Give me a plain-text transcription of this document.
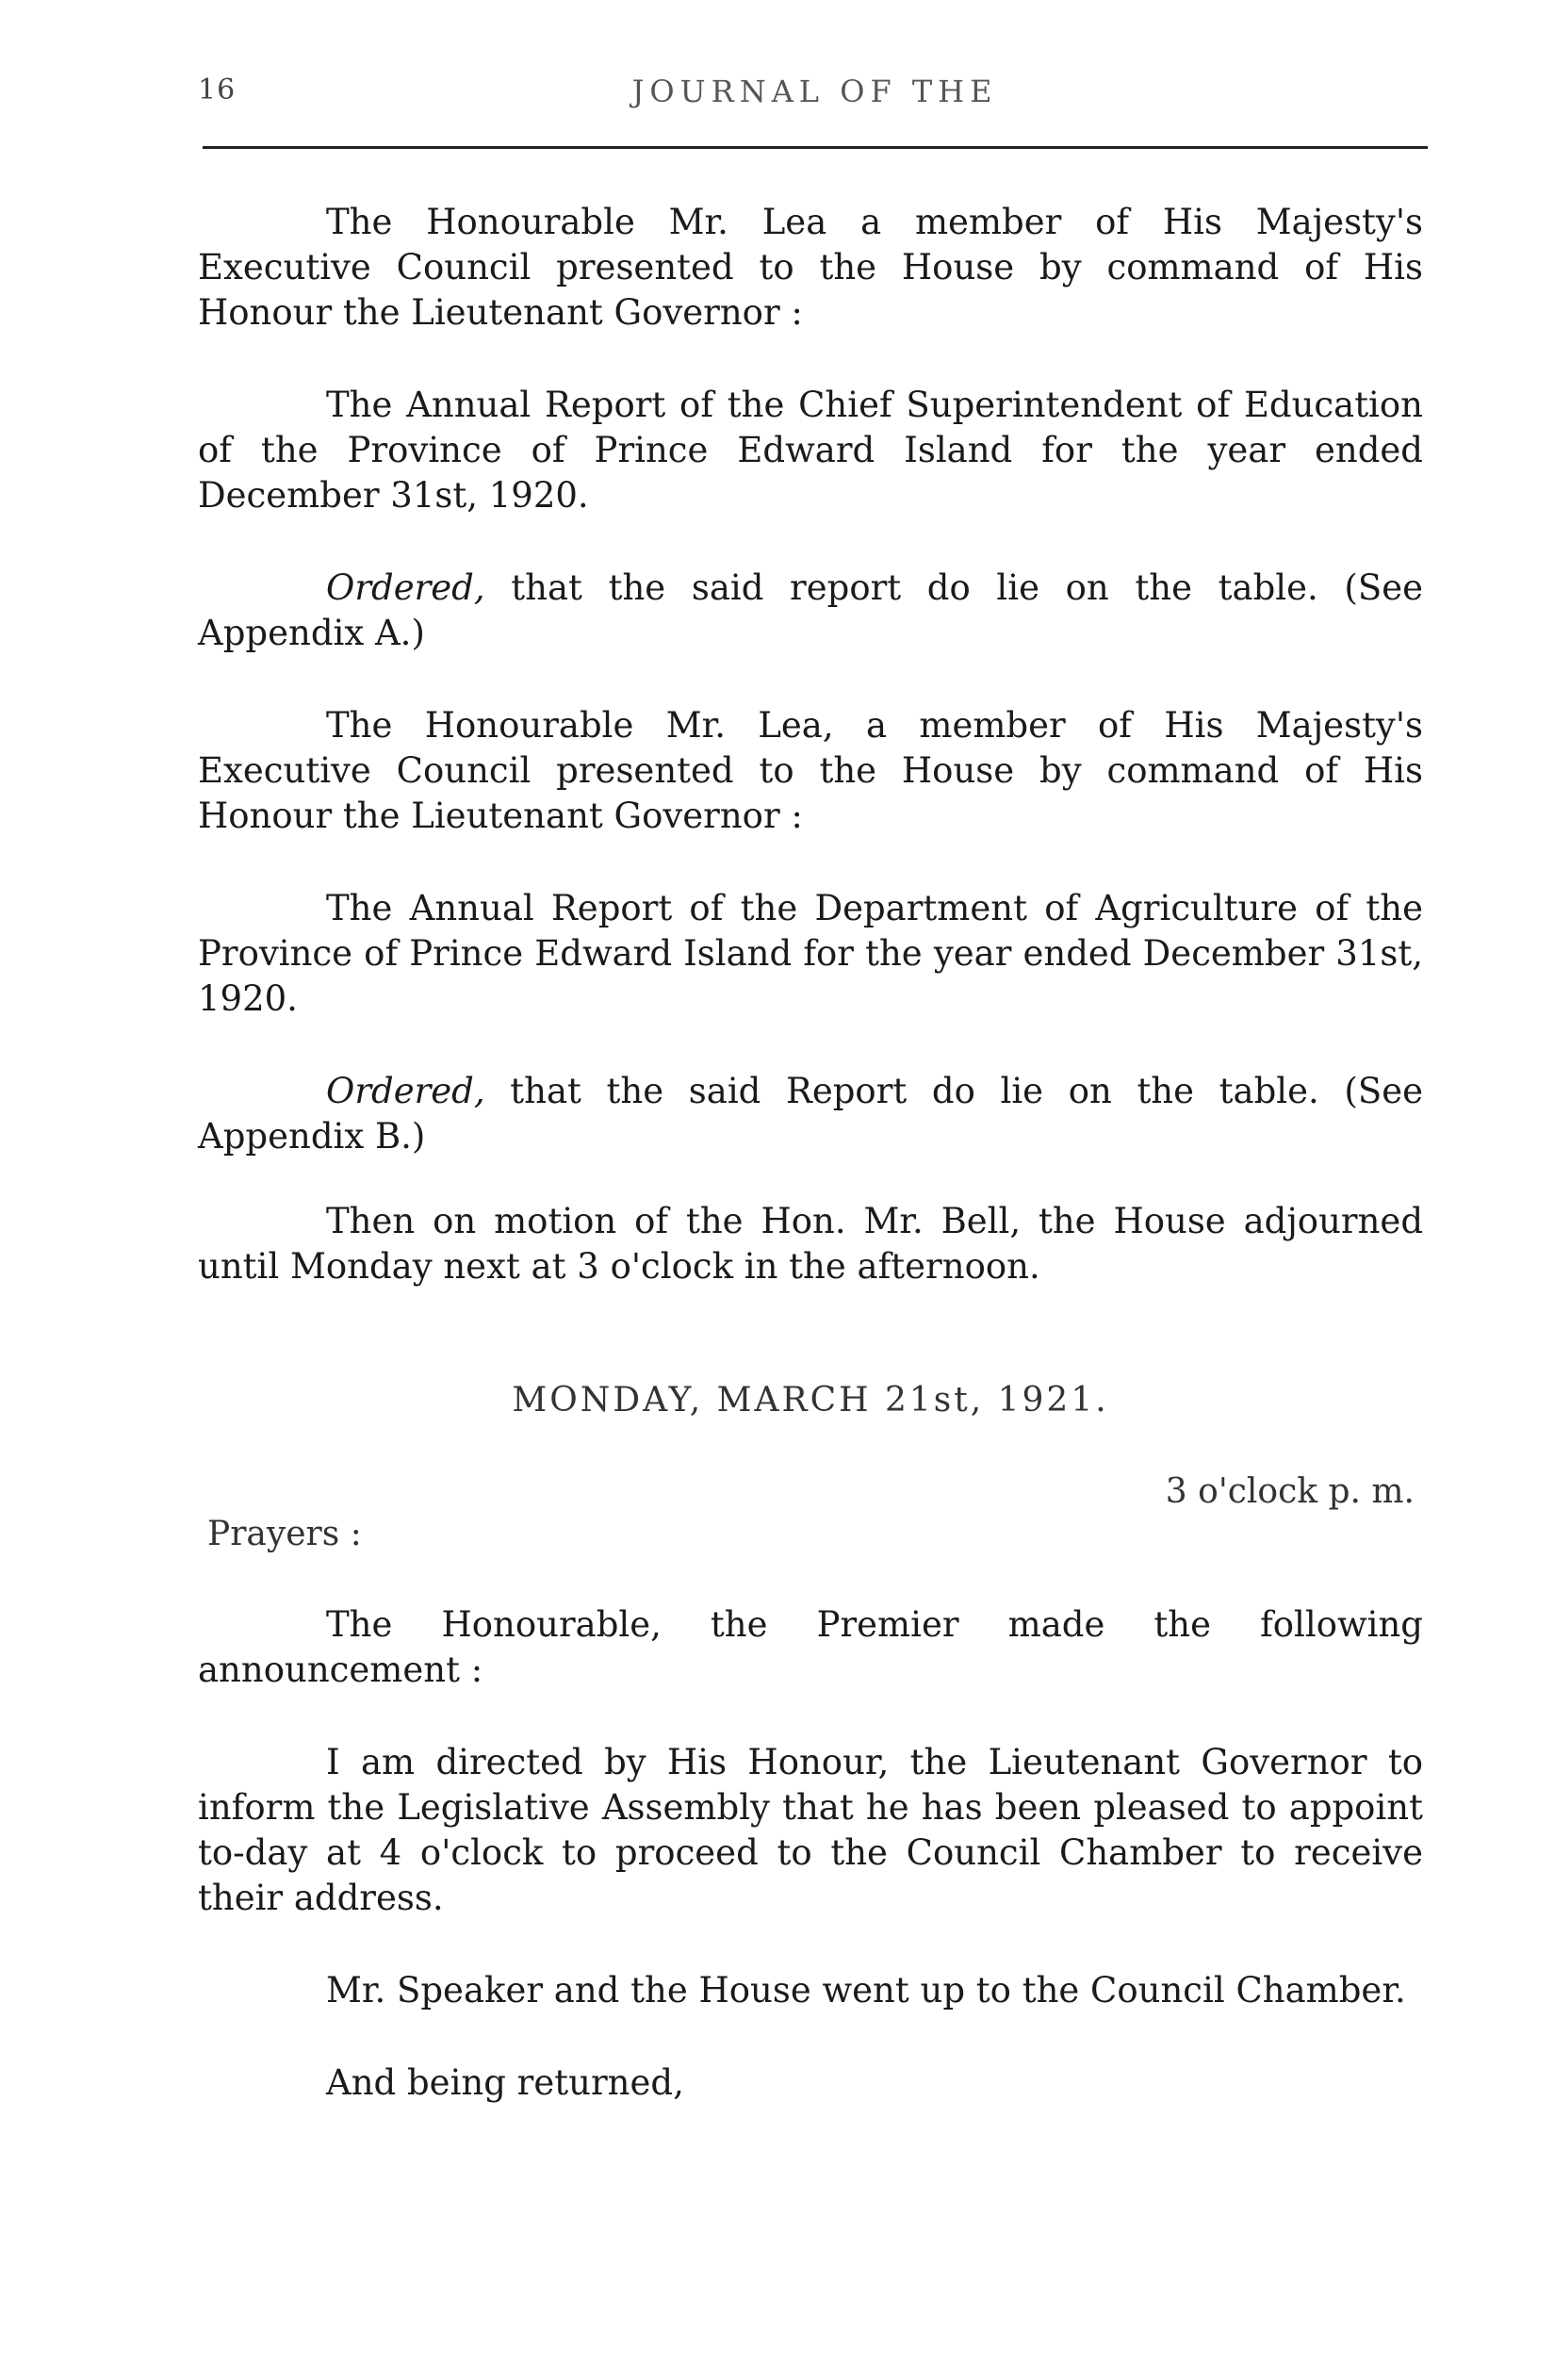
16	JOURNAL OF THE

The Honourable Mr. Lea a member of His Majesty's Executive Council presented to the House by command of His Honour the Lieutenant Governor :

The Annual Report of the Chief Superintendent of Education of the Province of Prince Edward Island for the year ended December 31st, 1920.

Ordered, that the said report do lie on the table. (See Appendix A.)

The Honourable Mr. Lea, a member of His Majesty's Executive Council presented to the House by command of His Honour the Lieutenant Governor :

The Annual Report of the Department of Agriculture of the Province of Prince Edward Island for the year ended December 31st, 1920.

Ordered, that the said Report do lie on the table. (See Appendix B.)

Then on motion of the Hon. Mr. Bell, the House adjourned until Monday next at 3 o'clock in the afternoon.

MONDAY, MARCH 21st, 1921.
3 o'clock p. m.
Prayers :

The Honourable, the Premier made the following announcement :

I am directed by His Honour, the Lieutenant Governor to inform the Legislative Assembly that he has been pleased to appoint to-day at 4 o'clock to proceed to the Council Chamber to receive their address.

Mr. Speaker and the House went up to the Council Chamber.

And being returned,
